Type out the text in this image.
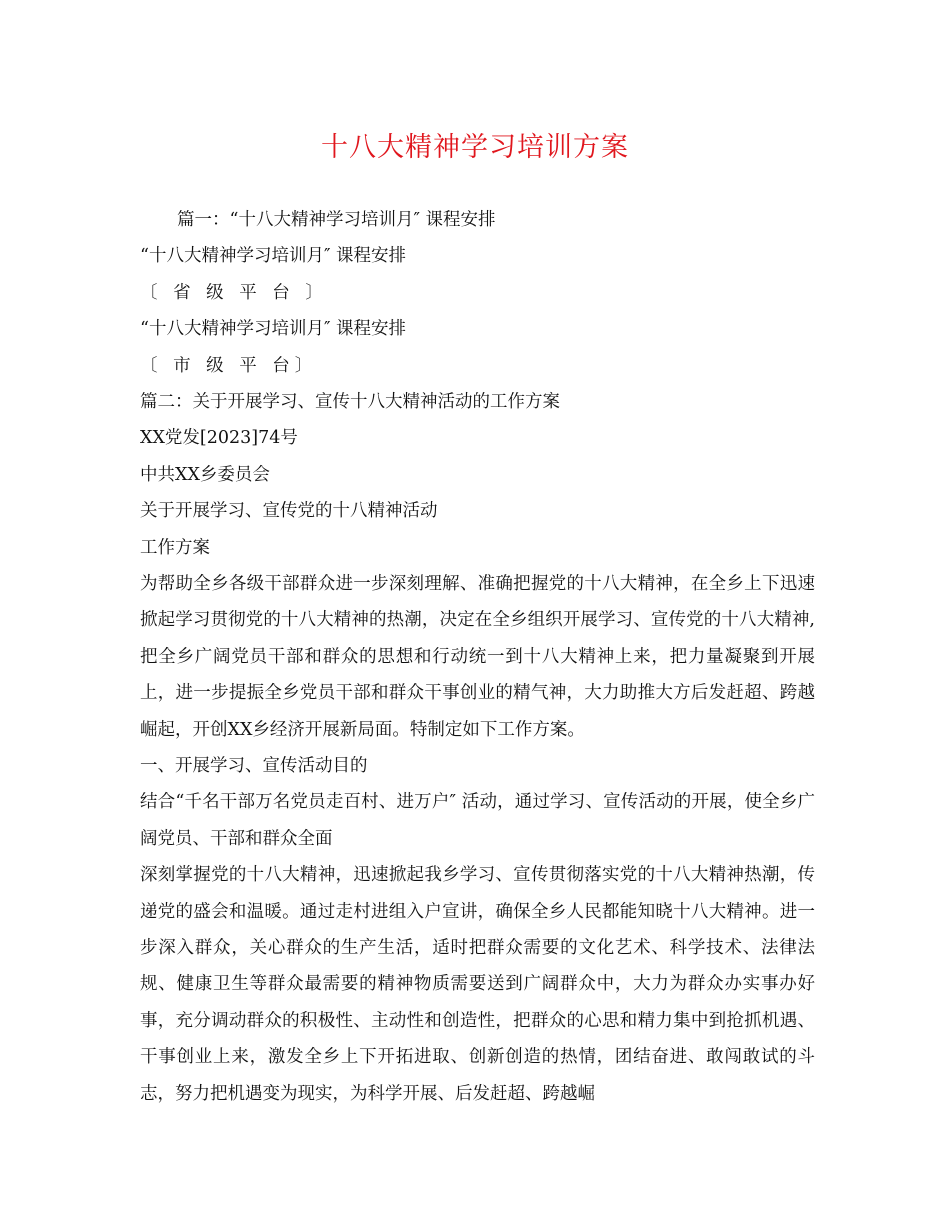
十八大精神学习培训方案
篇一：“十八大精神学习培训月″ 课程安排
“十八大精神学习培训月″ 课程安排
〔 省 级 平 台 〕
“十八大精神学习培训月″ 课程安排
〔 市 级 平 台〕
篇二：关于开展学习、宣传十八大精神活动的工作方案
XX党发[2023]74号
中共XX乡委员会
关于开展学习、宣传党的十八精神活动
工作方案
为帮助全乡各级干部群众进一步深刻理解、准确把握党的十八大精神，在全乡上下迅速掀起学习贯彻党的十八大精神的热潮，决定在全乡组织开展学习、宣传党的十八大精神,把全乡广阔党员干部和群众的思想和行动统一到十八大精神上来，把力量凝聚到开展上，进一步提振全乡党员干部和群众干事创业的精气神，大力助推大方后发赶超、跨越崛起，开创XX乡经济开展新局面。特制定如下工作方案。
一、开展学习、宣传活动目的
结合“千名干部万名党员走百村、进万户″ 活动，通过学习、宣传活动的开展，使全乡广阔党员、干部和群众全面
深刻掌握党的十八大精神，迅速掀起我乡学习、宣传贯彻落实党的十八大精神热潮，传递党的盛会和温暖。通过走村进组入户宣讲，确保全乡人民都能知晓十八大精神。进一步深入群众，关心群众的生产生活，适时把群众需要的文化艺术、科学技术、法律法规、健康卫生等群众最需要的精神物质需要送到广阔群众中，大力为群众办实事办好事，充分调动群众的积极性、主动性和创造性，把群众的心思和精力集中到抢抓机遇、干事创业上来，激发全乡上下开拓进取、创新创造的热情，团结奋进、敢闯敢试的斗志，努力把机遇变为现实，为科学开展、后发赶超、跨越崛
